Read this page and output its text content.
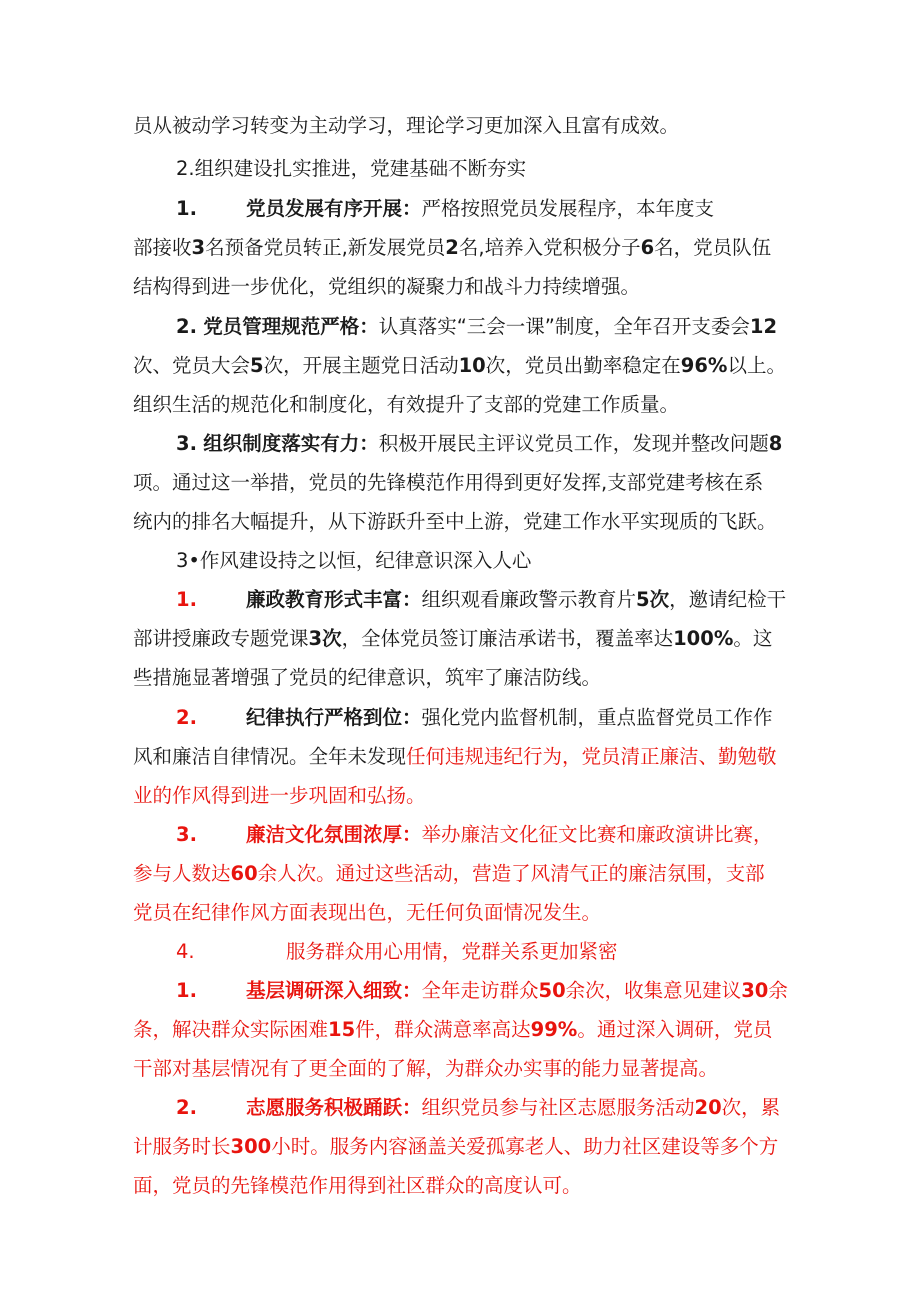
员从被动学习转变为主动学习，理论学习更加深入且富有成效。
2.组织建设扎实推进，党建基础不断夯实
1.	党员发展有序开展：严格按照党员发展程序，本年度支
部接收3名预备党员转正,新发展党员2名,培养入党积极分子6名，党员队伍
结构得到进一步优化，党组织的凝聚力和战斗力持续增强。
2. 党员管理规范严格：认真落实“三会一课”制度，全年召开支委会12
次、党员大会5次，开展主题党日活动10次，党员出勤率稳定在96%以上。
组织生活的规范化和制度化，有效提升了支部的党建工作质量。
3. 组织制度落实有力：积极开展民主评议党员工作，发现并整改问题8
项。通过这一举措，党员的先锋模范作用得到更好发挥,支部党建考核在系
统内的排名大幅提升，从下游跃升至中上游，党建工作水平实现质的飞跃。
3•作风建设持之以恒，纪律意识深入人心
1.	廉政教育形式丰富：组织观看廉政警示教育片5次，邀请纪检干
部讲授廉政专题党课3次，全体党员签订廉洁承诺书，覆盖率达100%。这
些措施显著增强了党员的纪律意识，筑牢了廉洁防线。
2.	纪律执行严格到位：强化党内监督机制，重点监督党员工作作
风和廉洁自律情况。全年未发现任何违规违纪行为，党员清正廉洁、勤勉敬
业的作风得到进一步巩固和弘扬。
3.	廉洁文化氛围浓厚：举办廉洁文化征文比赛和廉政演讲比赛，
参与人数达60余人次。通过这些活动，营造了风清气正的廉洁氛围，支部
党员在纪律作风方面表现出色，无任何负面情况发生。
4.	服务群众用心用情，党群关系更加紧密
1.	基层调研深入细致：全年走访群众50余次，收集意见建议30余
条，解决群众实际困难15件，群众满意率高达99%。通过深入调研，党员
干部对基层情况有了更全面的了解，为群众办实事的能力显著提高。
2.	志愿服务积极踊跃：组织党员参与社区志愿服务活动20次，累
计服务时长300小时。服务内容涵盖关爱孤寡老人、助力社区建设等多个方
面，党员的先锋模范作用得到社区群众的高度认可。
